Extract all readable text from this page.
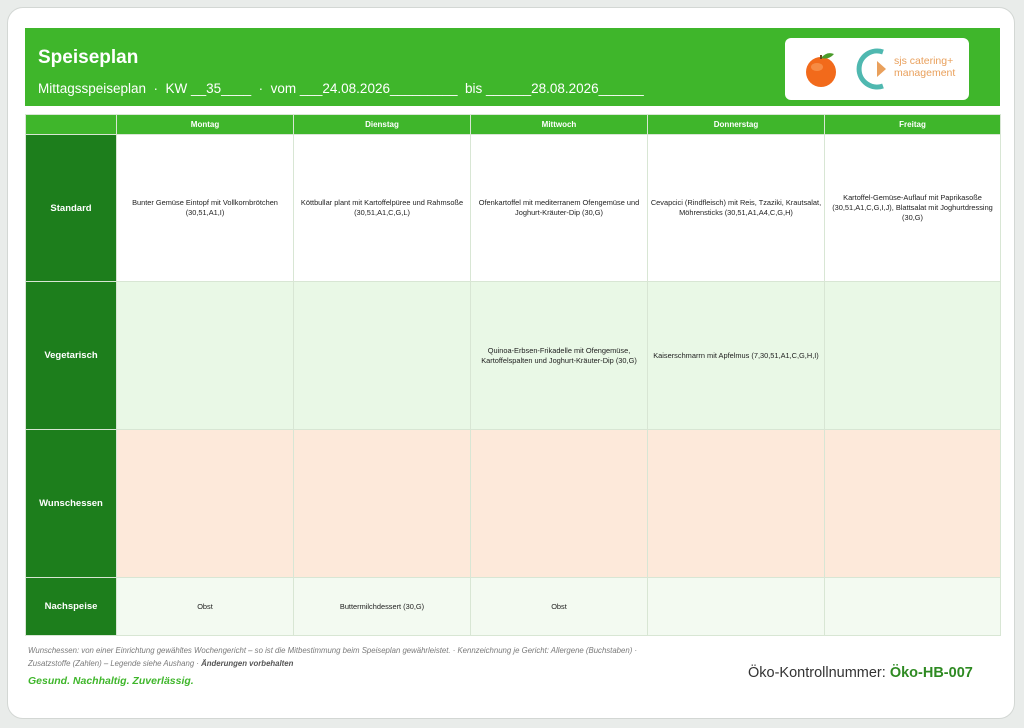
Speiseplan
Mittagsspeiseplan  ·  KW __35____  ·  vom ___24.08.2026_________  bis ______28.08.2026______
sjs catering+
management
	Montag	Dienstag	Mittwoch	Donnerstag	Freitag
Standard	Bunter Gemüse Eintopf mit Vollkornbrötchen (30,51,A1,I)	Köttbullar plant mit Kartoffelpüree und Rahmsoße (30,51,A1,C,G,L)	Ofenkartoffel mit mediterranem Ofengemüse und Joghurt-Kräuter-Dip (30,G)	Cevapcici (Rindfleisch) mit Reis, Tzaziki, Krautsalat, Möhrensticks (30,51,A1,A4,C,G,H)	Kartoffel-Gemüse-Auflauf mit Paprikasoße (30,51,A1,C,G,I,J), Blattsalat mit Joghurtdressing (30,G)
Vegetarisch			Quinoa-Erbsen-Frikadelle mit Ofengemüse, Kartoffelspalten und Joghurt-Kräuter-Dip (30,G)	Kaiserschmarrn mit Apfelmus (7,30,51,A1,C,G,H,I)	
Wunschessen					
Nachspeise	Obst	Buttermilchdessert (30,G)	Obst		
Wunschessen: von einer Einrichtung gewähltes Wochengericht – so ist die Mitbestimmung beim Speiseplan gewährleistet. · Kennzeichnung je Gericht: Allergene (Buchstaben) · Zusatzstoffe (Zahlen) – Legende siehe Aushang · Änderungen vorbehalten
Gesund. Nachhaltig. Zuverlässig.	Öko-Kontrollnummer: Öko-HB-007
